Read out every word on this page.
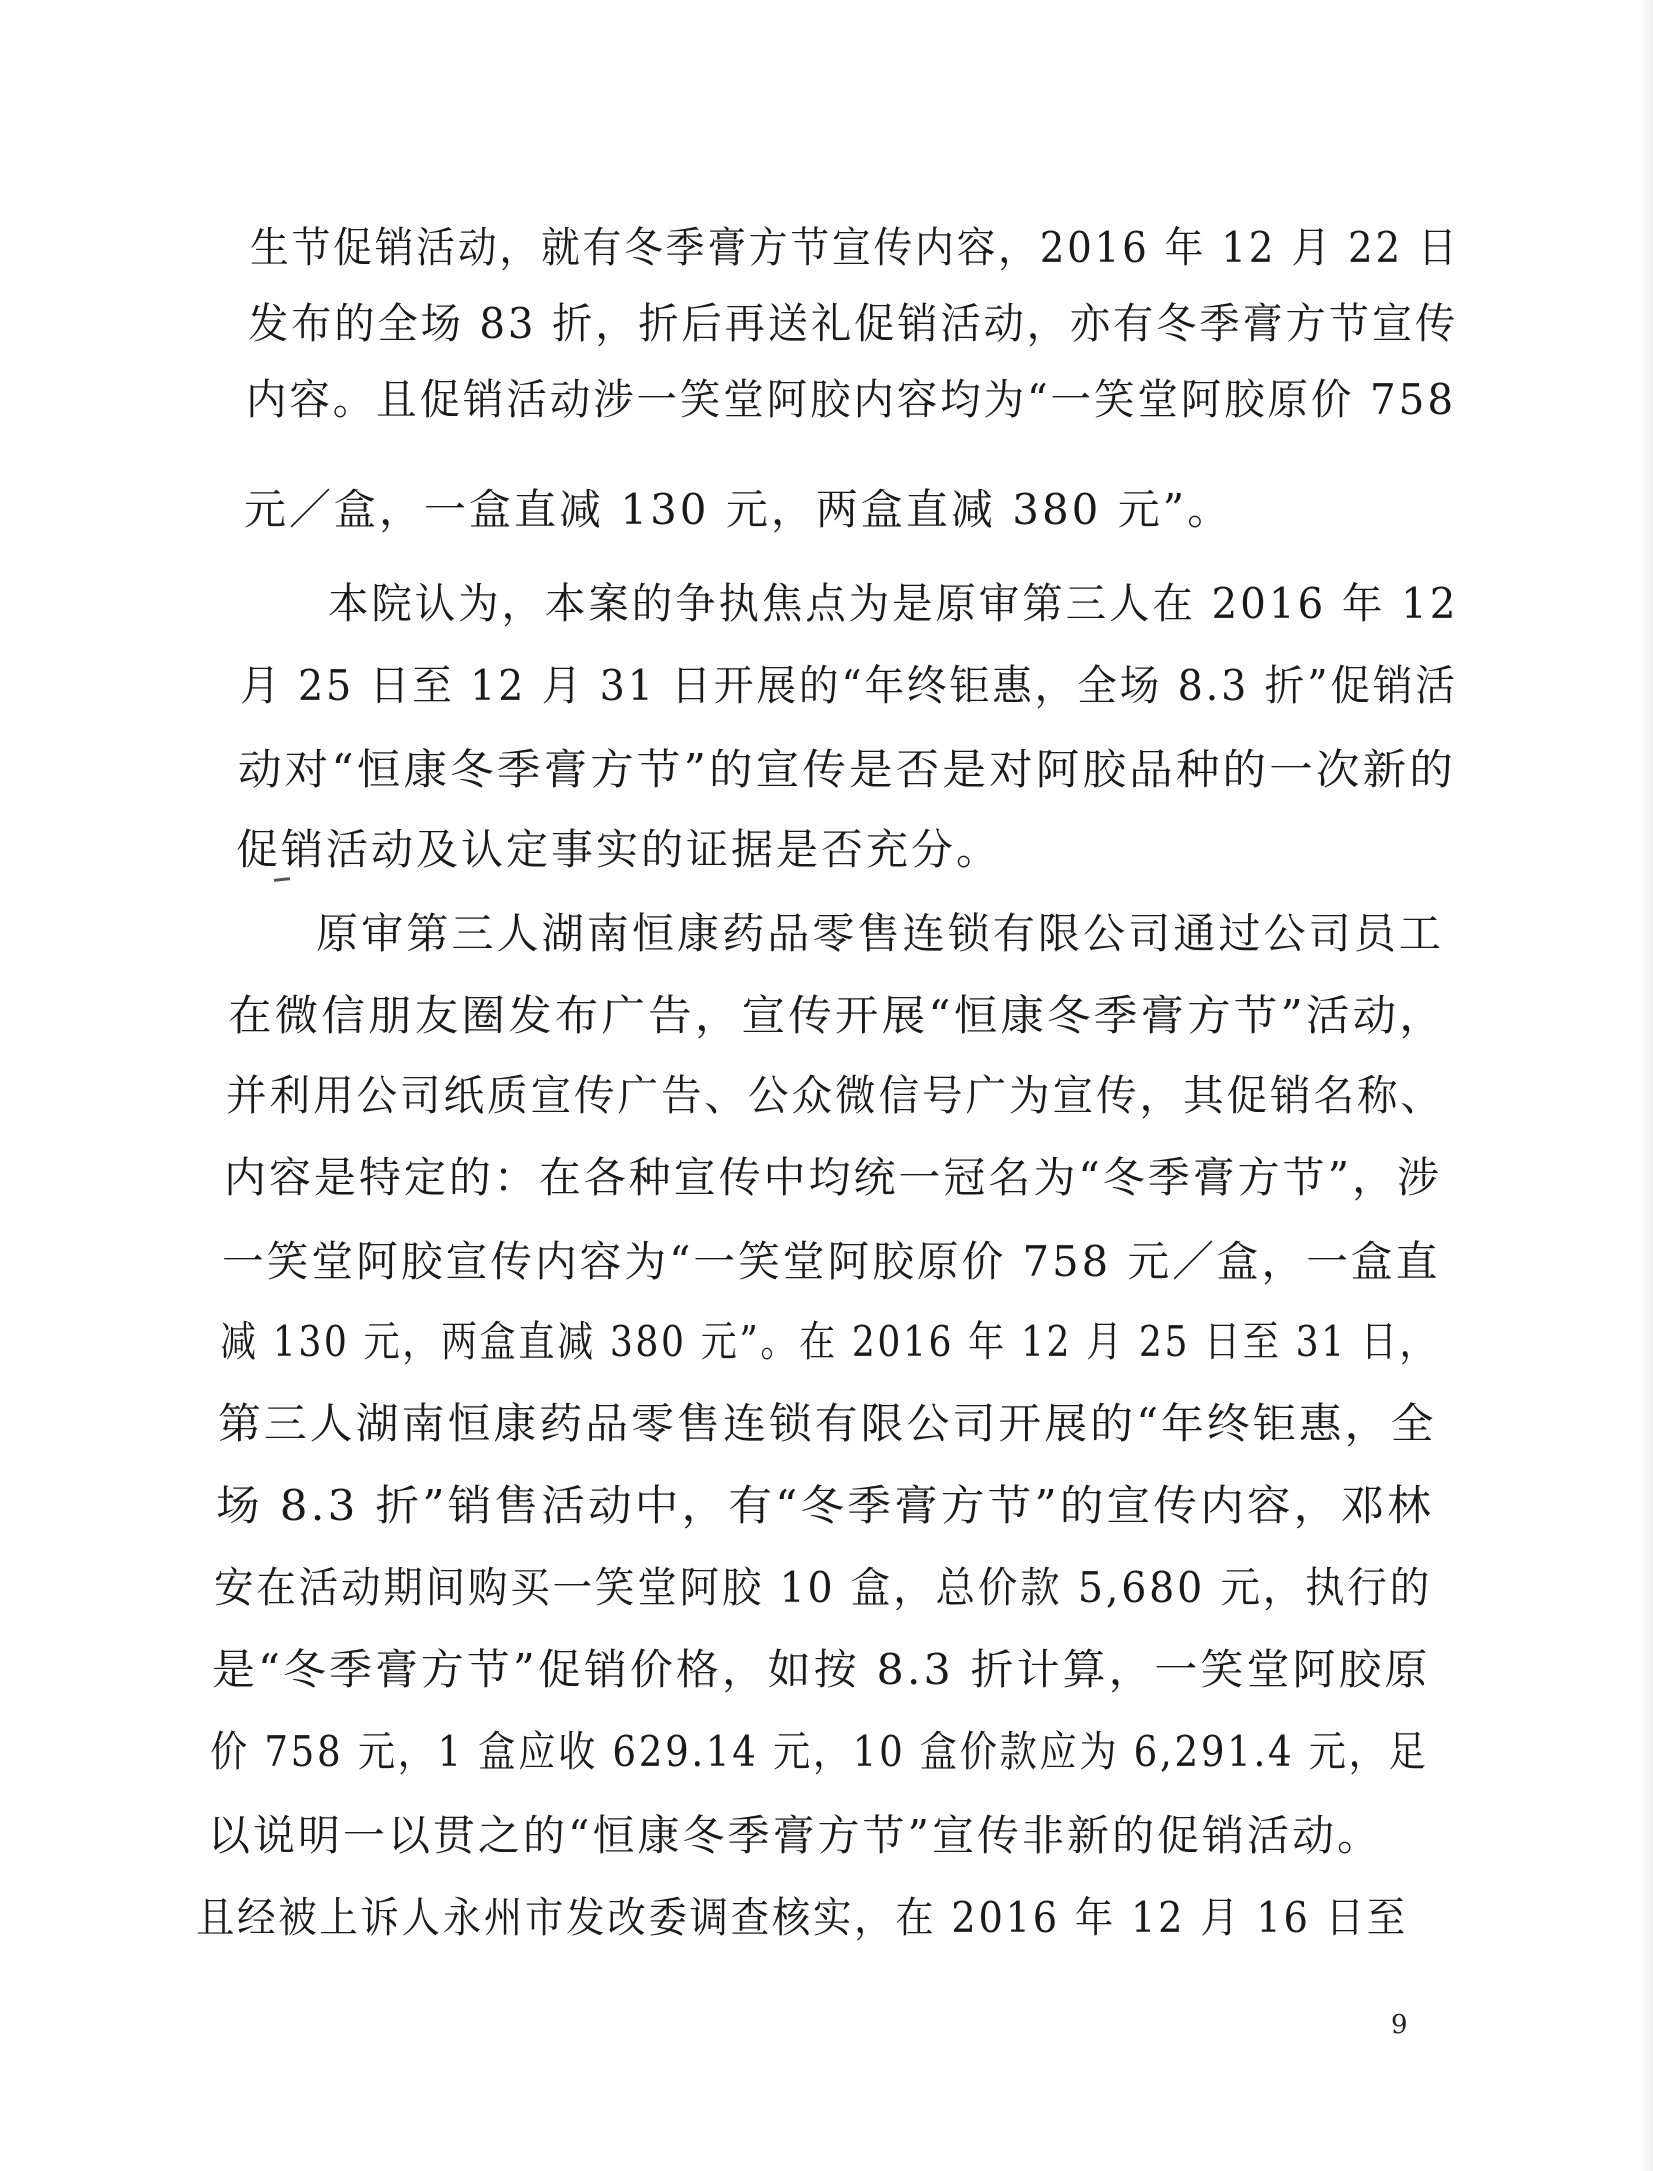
生节促销活动，就有冬季膏方节宣传内容，2016 年 12 月 22 日
发布的全场 83 折，折后再送礼促销活动，亦有冬季膏方节宣传
内容。且促销活动涉一笑堂阿胶内容均为“一笑堂阿胶原价 758
元／盒，一盒直减 130 元，两盒直减 380 元”。
本院认为，本案的争执焦点为是原审第三人在 2016 年 12
月 25 日至 12 月 31 日开展的“年终钜惠，全场 8.3 折”促销活
动对“恒康冬季膏方节”的宣传是否是对阿胶品种的一次新的
促销活动及认定事实的证据是否充分。
原审第三人湖南恒康药品零售连锁有限公司通过公司员工
在微信朋友圈发布广告，宣传开展“恒康冬季膏方节”活动，
并利用公司纸质宣传广告、公众微信号广为宣传，其促销名称、
内容是特定的：在各种宣传中均统一冠名为“冬季膏方节”，涉
一笑堂阿胶宣传内容为“一笑堂阿胶原价 758 元／盒，一盒直
减 130 元，两盒直减 380 元”。在 2016 年 12 月 25 日至 31 日，
第三人湖南恒康药品零售连锁有限公司开展的“年终钜惠，全
场 8.3 折”销售活动中，有“冬季膏方节”的宣传内容，邓林
安在活动期间购买一笑堂阿胶 10 盒，总价款 5,680 元，执行的
是“冬季膏方节”促销价格，如按 8.3 折计算，一笑堂阿胶原
价 758 元，1 盒应收 629.14 元，10 盒价款应为 6,291.4 元，足
以说明一以贯之的“恒康冬季膏方节”宣传非新的促销活动。
且经被上诉人永州市发改委调查核实，在 2016 年 12 月 16 日至
9
